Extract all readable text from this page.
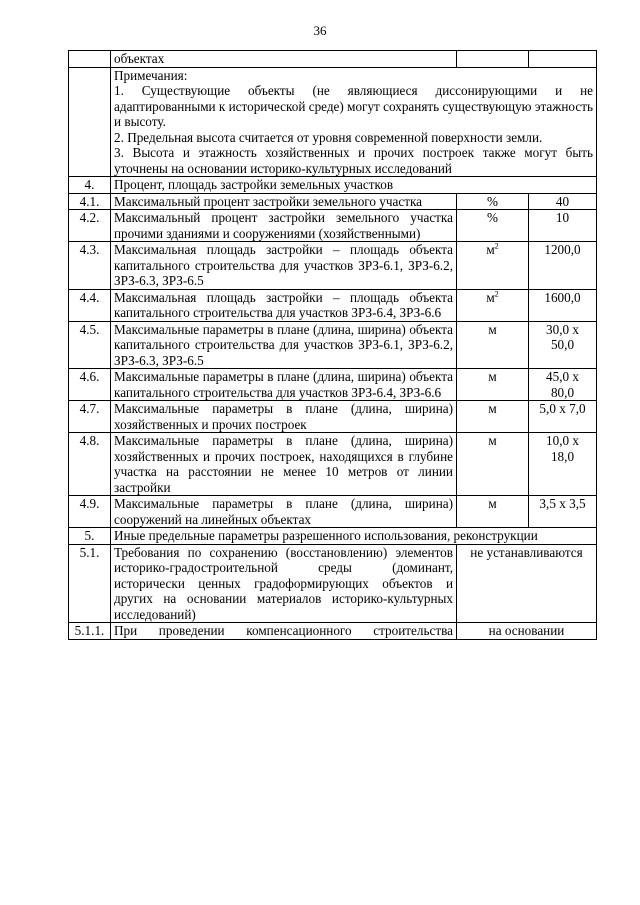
36
	объектах		

	Примечания:

1. Существующие объекты (не являющиеся диссонирующими и не адаптированными к исторической среде) могут сохранять существующую этажность и высоту.

2. Предельная высота считается от уровня современной поверхности земли.

3. Высота и этажность хозяйственных и прочих построек также могут быть уточнены на основании историко-культурных исследований		

4.	Процент, площадь застройки земельных участков		
4.1.	Максимальный процент застройки земельного участка	%	40
4.2.	Максимальный процент застройки земельного участка прочими зданиями и сооружениями (хозяйственными)	%	10
4.3.	Максимальная площадь застройки – площадь объекта капитального строительства для участков ЗРЗ-6.1, ЗРЗ-6.2, ЗРЗ-6.3, ЗРЗ-6.5	$м^2$	1200,0
4.4.	Максимальная площадь застройки – площадь объекта капитального строительства для участков ЗРЗ-6.4, ЗРЗ-6.6	$м^2$	1600,0
4.5.	Максимальные параметры в плане (длина, ширина) объекта капитального строительства для участков ЗРЗ-6.1, ЗРЗ-6.2, ЗРЗ-6.3, ЗРЗ-6.5	м	30,0 х
50,0

4.6.	Максимальные параметры в плане (длина, ширина) объекта капитального строительства для участков ЗРЗ-6.4, ЗРЗ-6.6	м	45,0 х
80,0

4.7.	Максимальные параметры в плане (длина, ширина) хозяйственных и прочих построек	м	5,0 х 7,0
4.8.	Максимальные параметры в плане (длина, ширина) хозяйственных и прочих построек, находящихся в глубине участка на расстоянии не менее 10 метров от линии застройки	м	10,0 х
18,0

4.9.	Максимальные параметры в плане (длина, ширина) сооружений на линейных объектах	м	3,5 х 3,5
5.	Иные предельные параметры разрешенного использования, реконструкции		
5.1.	Требования по сохранению (восстановлению) элементов историко-градостроительной среды (доминант, исторически ценных градоформирующих объектов и других на основании материалов историко-культурных исследований)	не устанавливаются	
5.1.1.	При проведении компенсационного строительства	на основании	
